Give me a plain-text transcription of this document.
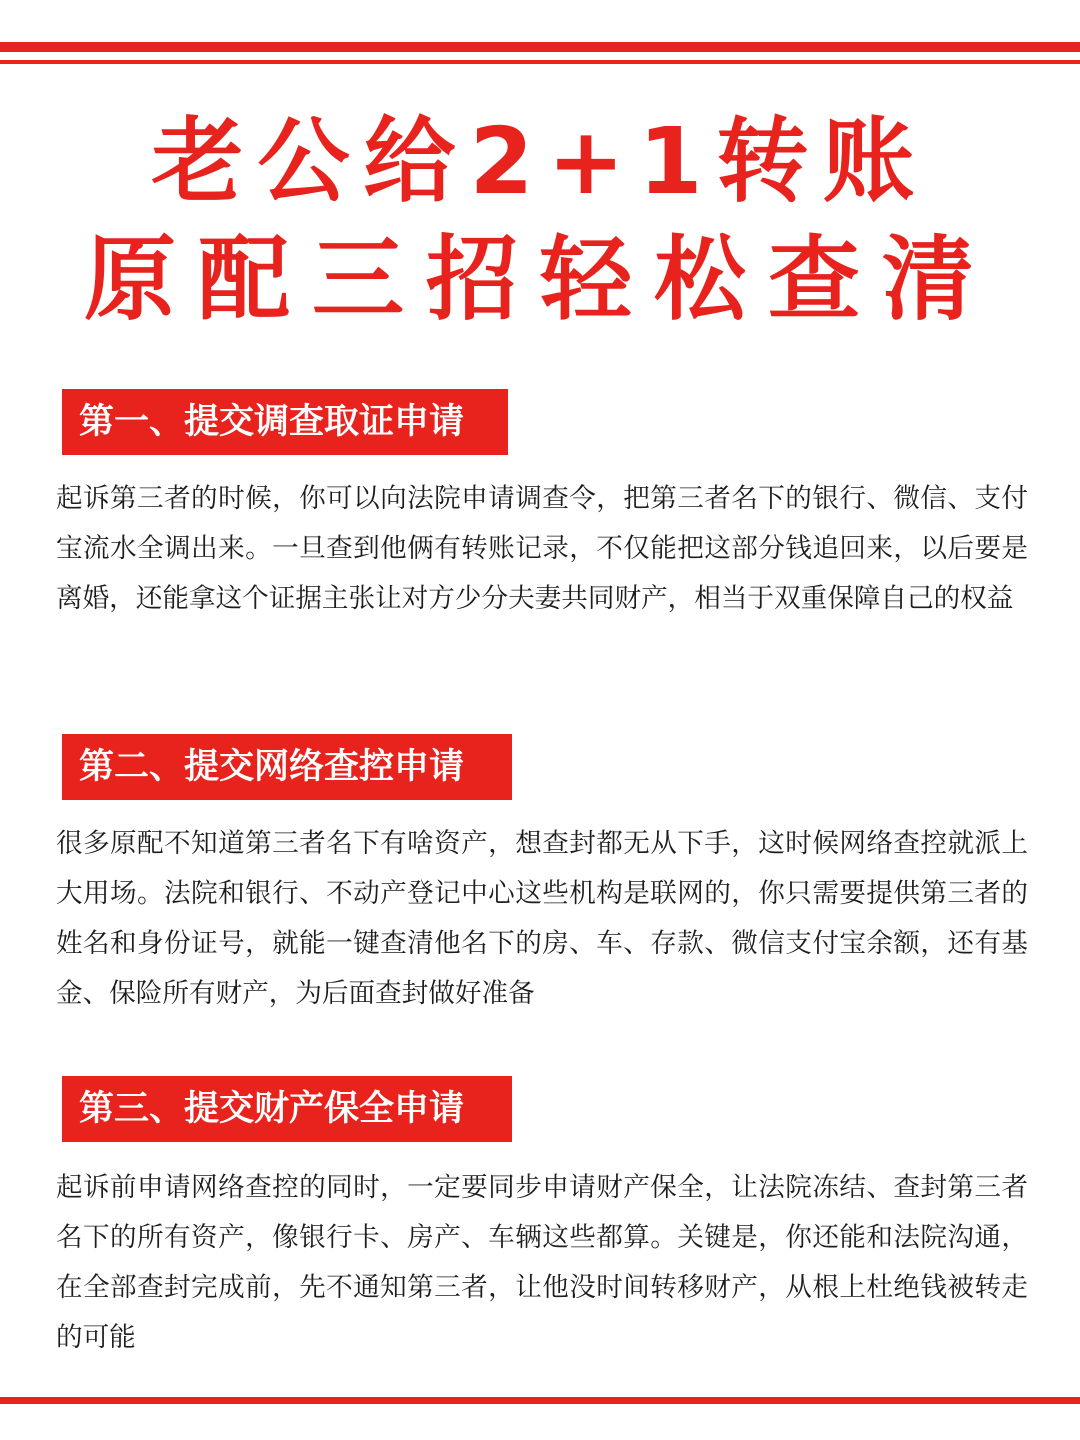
老公给2+1转账
原配三招轻松查清
第一、提交调查取证申请

起诉第三者的时候，你可以向法院申请调查令，把第三者名下的银行、微信、支付宝流水全调出来。一旦查到他俩有转账记录，不仅能把这部分钱追回来，以后要是离婚，还能拿这个证据主张让对方少分夫妻共同财产，相当于双重保障自己的权益

第二、提交网络查控申请

很多原配不知道第三者名下有啥资产，想查封都无从下手，这时候网络查控就派上大用场。法院和银行、不动产登记中心这些机构是联网的，你只需要提供第三者的姓名和身份证号，就能一键查清他名下的房、车、存款、微信支付宝余额，还有基金、保险所有财产，为后面查封做好准备

第三、提交财产保全申请

起诉前申请网络查控的同时，一定要同步申请财产保全，让法院冻结、查封第三者名下的所有资产，像银行卡、房产、车辆这些都算。关键是，你还能和法院沟通，在全部查封完成前，先不通知第三者，让他没时间转移财产，从根上杜绝钱被转走的可能
